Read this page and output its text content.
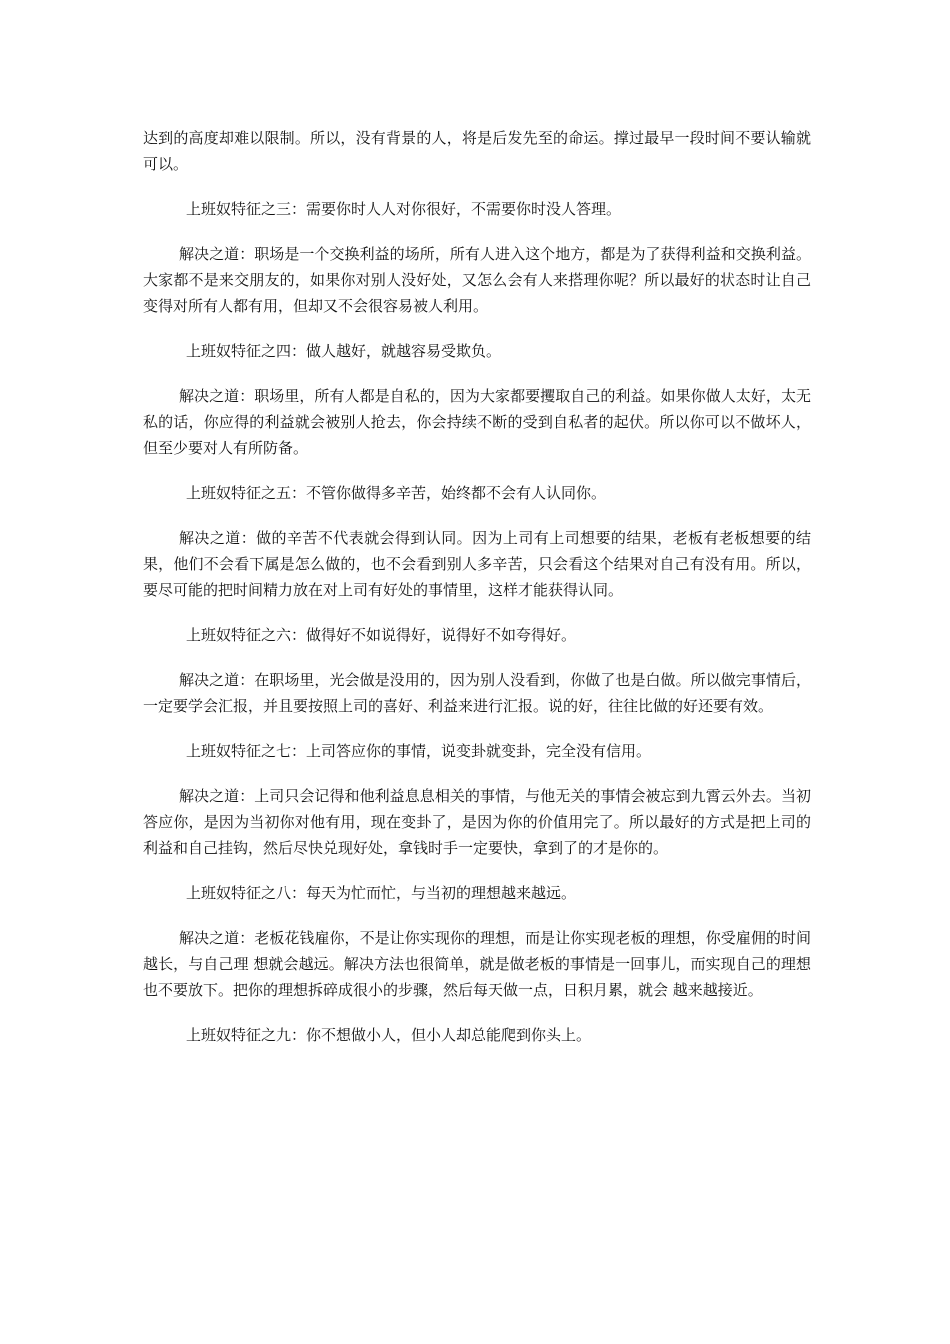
达到的高度却难以限制。所以，没有背景的人，将是后发先至的命运。撑过最早一段时间不要认输就可以。

上班奴特征之三：需要你时人人对你很好，不需要你时没人答理。

解决之道：职场是一个交换利益的场所，所有人进入这个地方，都是为了获得利益和交换利益。大家都不是来交朋友的，如果你对别人没好处，又怎么会有人来搭理你呢？所以最好的状态时让自己变得对所有人都有用，但却又不会很容易被人利用。

上班奴特征之四：做人越好，就越容易受欺负。

解决之道：职场里，所有人都是自私的，因为大家都要攫取自己的利益。如果你做人太好，太无私的话，你应得的利益就会被别人抢去，你会持续不断的受到自私者的起伏。所以你可以不做坏人，但至少要对人有所防备。

上班奴特征之五：不管你做得多辛苦，始终都不会有人认同你。

解决之道：做的辛苦不代表就会得到认同。因为上司有上司想要的结果，老板有老板想要的结果，他们不会看下属是怎么做的，也不会看到别人多辛苦，只会看这个结果对自己有没有用。所以，要尽可能的把时间精力放在对上司有好处的事情里，这样才能获得认同。

上班奴特征之六：做得好不如说得好，说得好不如夸得好。

解决之道：在职场里，光会做是没用的，因为别人没看到，你做了也是白做。所以做完事情后，一定要学会汇报，并且要按照上司的喜好、利益来进行汇报。说的好，往往比做的好还要有效。

上班奴特征之七：上司答应你的事情，说变卦就变卦，完全没有信用。

解决之道：上司只会记得和他利益息息相关的事情，与他无关的事情会被忘到九霄云外去。当初答应你，是因为当初你对他有用，现在变卦了，是因为你的价值用完了。所以最好的方式是把上司的利益和自己挂钩，然后尽快兑现好处，拿钱时手一定要快，拿到了的才是你的。

上班奴特征之八：每天为忙而忙，与当初的理想越来越远。

解决之道：老板花钱雇你，不是让你实现你的理想，而是让你实现老板的理想，你受雇佣的时间越长，与自己理 想就会越远。解决方法也很简单，就是做老板的事情是一回事儿，而实现自己的理想也不要放下。把你的理想拆碎成很小的步骤，然后每天做一点，日积月累，就会 越来越接近。

上班奴特征之九：你不想做小人，但小人却总能爬到你头上。
